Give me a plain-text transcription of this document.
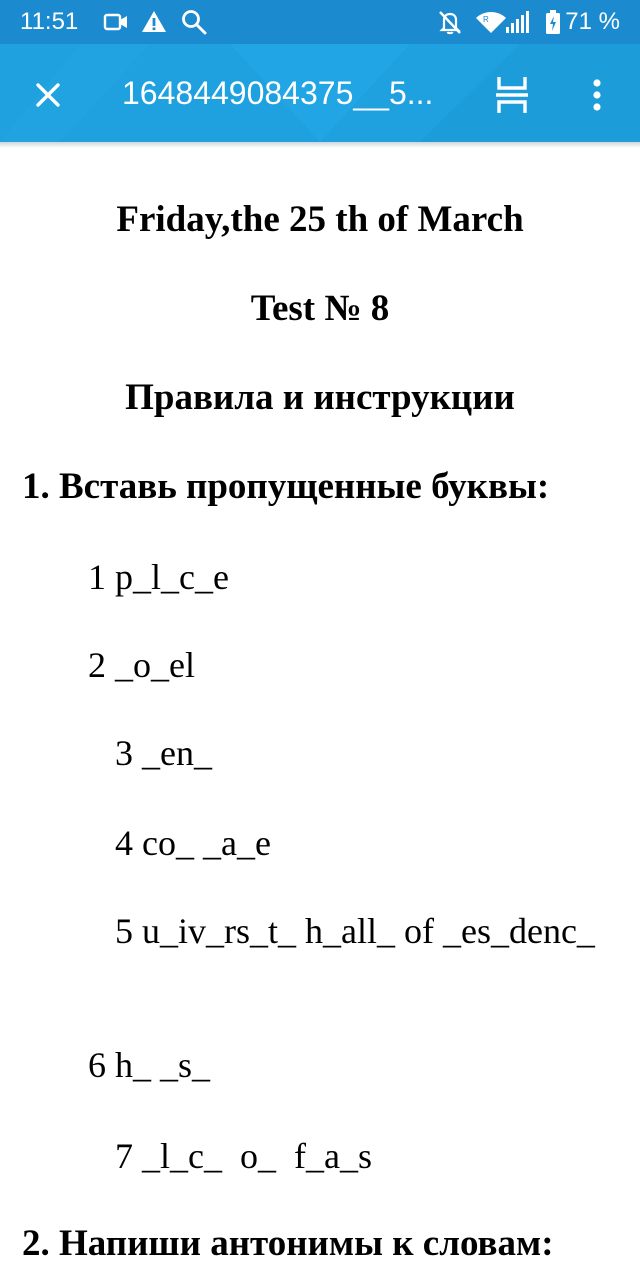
11:51	R	71 %
1648449084375__5...
Friday,the 25 th of March
Test № 8
Правила и инструкции
1. Вставь пропущенные буквы:
1 p_l_c_e
2 _o_el
3 _en_
4 co_ _a_e
5 u_iv_rs_t_ h_all_ of _es_denc_
6 h_ _s_
7 _l_c_  o_  f_a_s
2. Напиши антонимы к словам:
